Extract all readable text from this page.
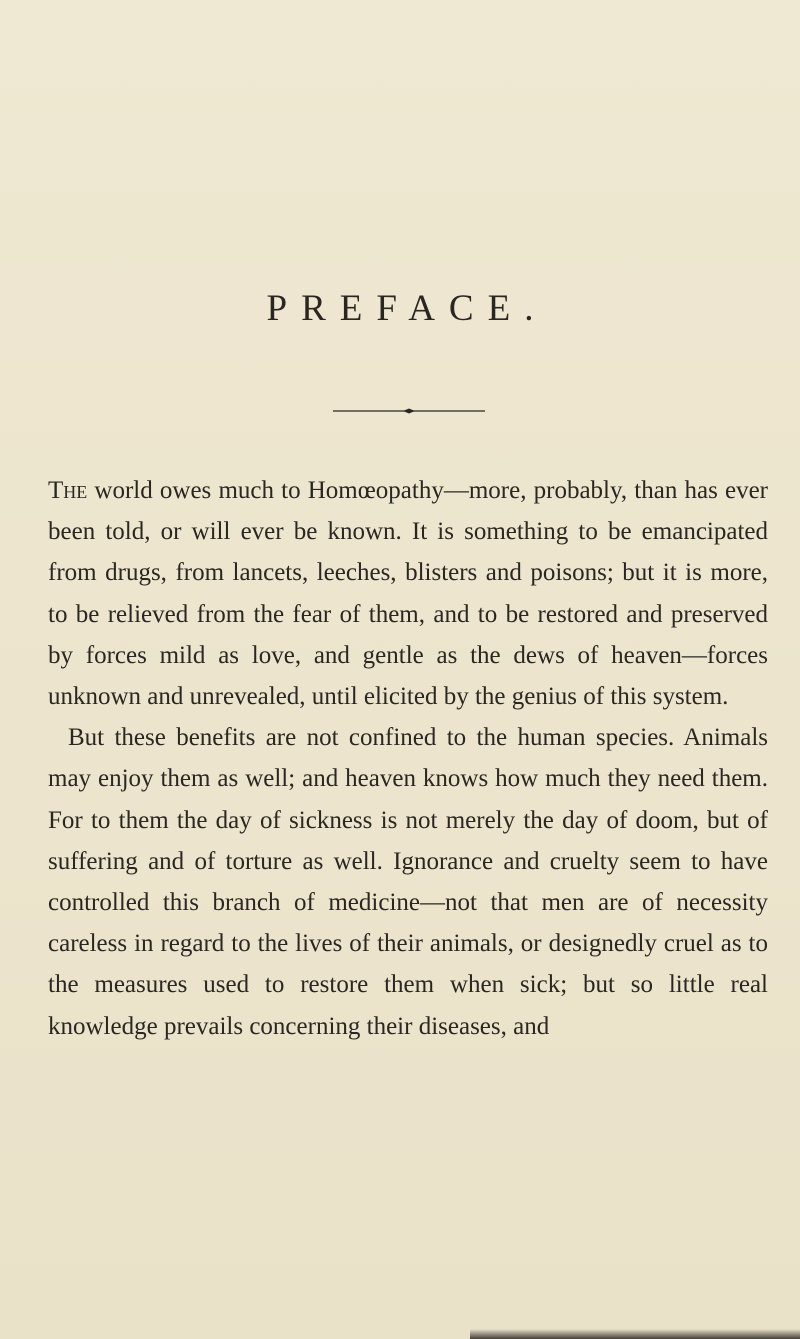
PREFACE.

The world owes much to Homœopathy—more, probably, than has ever been told, or will ever be known. It is something to be emancipated from drugs, from lancets, leeches, blisters and poisons; but it is more, to be relieved from the fear of them, and to be restored and preserved by forces mild as love, and gentle as the dews of heaven—forces unknown and unrevealed, until elicited by the genius of this system.

But these benefits are not confined to the human species. Animals may enjoy them as well; and heaven knows how much they need them. For to them the day of sickness is not merely the day of doom, but of suffering and of torture as well. Ignorance and cruelty seem to have controlled this branch of medicine—not that men are of necessity careless in regard to the lives of their animals, or designedly cruel as to the measures used to restore them when sick; but so little real knowledge prevails concerning their diseases, and
